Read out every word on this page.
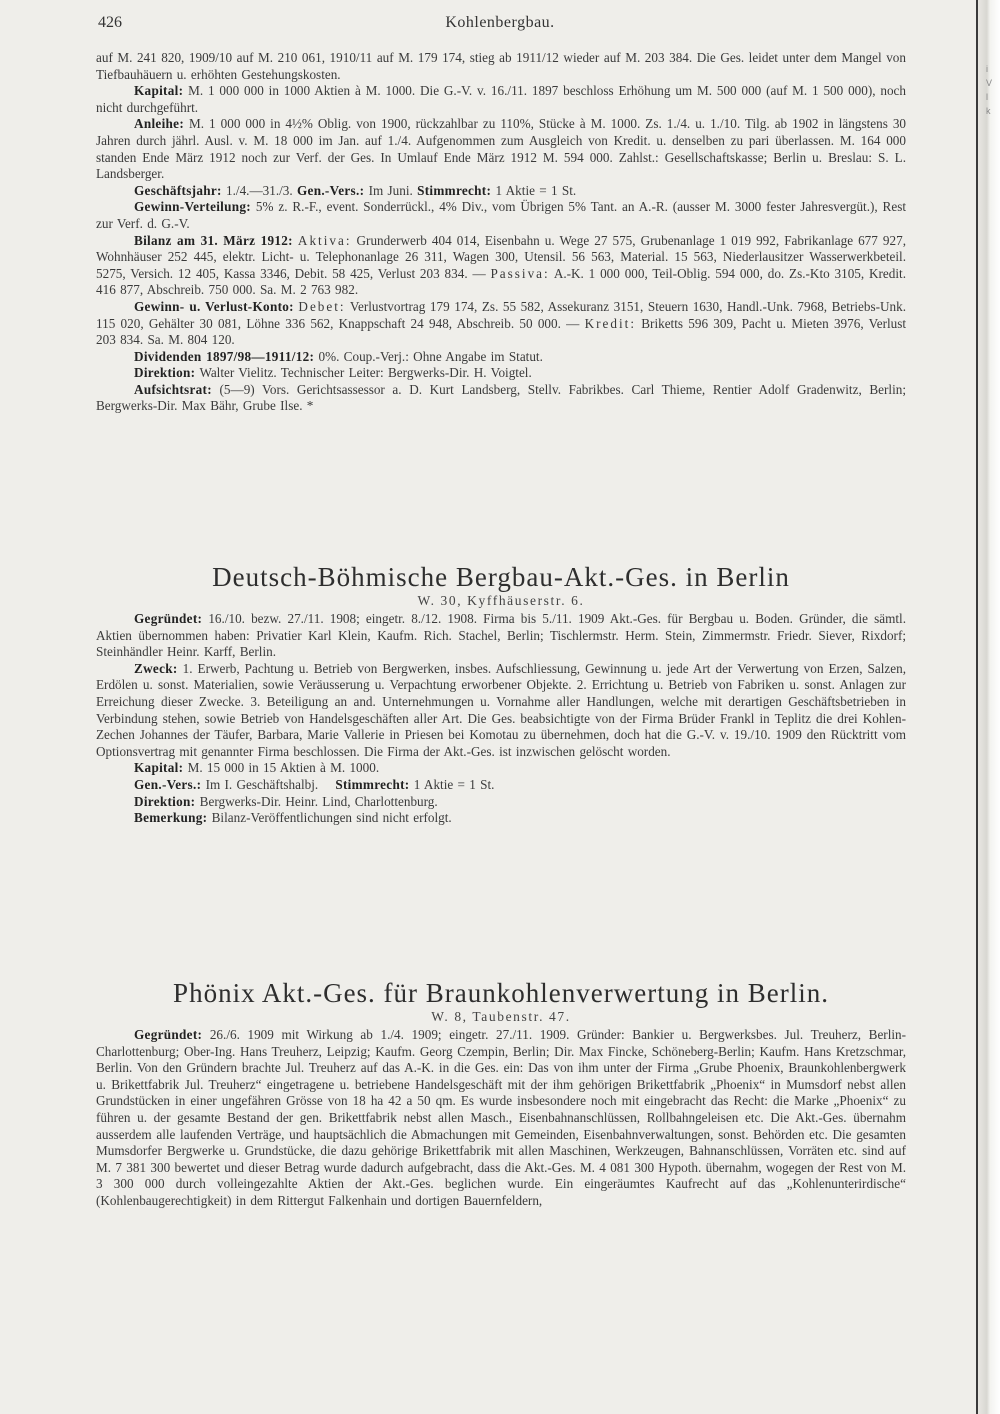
i
V
l
k
426	Kohlenbergbau.

auf M. 241 820, 1909/10 auf M. 210 061, 1910/11 auf M. 179 174, stieg ab 1911/12 wieder auf M. 203 384. Die Ges. leidet unter dem Mangel von Tiefbauhäuern u. erhöhten Gestehungskosten.

Kapital: M. 1 000 000 in 1000 Aktien à M. 1000. Die G.-V. v. 16./11. 1897 beschloss Erhöhung um M. 500 000 (auf M. 1 500 000), noch nicht durchgeführt.

Anleihe: M. 1 000 000 in 4½% Oblig. von 1900, rückzahlbar zu 110%, Stücke à M. 1000. Zs. 1./4. u. 1./10. Tilg. ab 1902 in längstens 30 Jahren durch jährl. Ausl. v. M. 18 000 im Jan. auf 1./4. Aufgenommen zum Ausgleich von Kredit. u. denselben zu pari überlassen. M. 164 000 standen Ende März 1912 noch zur Verf. der Ges. In Umlauf Ende März 1912 M. 594 000. Zahlst.: Gesellschaftskasse; Berlin u. Breslau: S. L. Landsberger.

Geschäftsjahr: 1./4.—31./3. Gen.-Vers.: Im Juni. Stimmrecht: 1 Aktie = 1 St.

Gewinn-Verteilung: 5% z. R.-F., event. Sonderrückl., 4% Div., vom Übrigen 5% Tant. an A.-R. (ausser M. 3000 fester Jahresvergüt.), Rest zur Verf. d. G.-V.

Bilanz am 31. März 1912: Aktiva: Grunderwerb 404 014, Eisenbahn u. Wege 27 575, Grubenanlage 1 019 992, Fabrikanlage 677 927, Wohnhäuser 252 445, elektr. Licht- u. Telephonanlage 26 311, Wagen 300, Utensil. 56 563, Material. 15 563, Niederlausitzer Wasserwerkbeteil. 5275, Versich. 12 405, Kassa 3346, Debit. 58 425, Verlust 203 834. — Passiva: A.-K. 1 000 000, Teil-Oblig. 594 000, do. Zs.-Kto 3105, Kredit. 416 877, Abschreib. 750 000. Sa. M. 2 763 982.

Gewinn- u. Verlust-Konto: Debet: Verlustvortrag 179 174, Zs. 55 582, Assekuranz 3151, Steuern 1630, Handl.-Unk. 7968, Betriebs-Unk. 115 020, Gehälter 30 081, Löhne 336 562, Knappschaft 24 948, Abschreib. 50 000. — Kredit: Briketts 596 309, Pacht u. Mieten 3976, Verlust 203 834. Sa. M. 804 120.

Dividenden 1897/98—1911/12: 0%. Coup.-Verj.: Ohne Angabe im Statut.

Direktion: Walter Vielitz. Technischer Leiter: Bergwerks-Dir. H. Voigtel.

Aufsichtsrat: (5—9) Vors. Gerichtsassessor a. D. Kurt Landsberg, Stellv. Fabrikbes. Carl Thieme, Rentier Adolf Gradenwitz, Berlin; Bergwerks-Dir. Max Bähr, Grube Ilse. *

Deutsch-Böhmische Bergbau-Akt.-Ges. in Berlin

W. 30, Kyffhäuserstr. 6.

Gegründet: 16./10. bezw. 27./11. 1908; eingetr. 8./12. 1908. Firma bis 5./11. 1909 Akt.-Ges. für Bergbau u. Boden. Gründer, die sämtl. Aktien übernommen haben: Privatier Karl Klein, Kaufm. Rich. Stachel, Berlin; Tischlermstr. Herm. Stein, Zimmermstr. Friedr. Siever, Rixdorf; Steinhändler Heinr. Karff, Berlin.

Zweck: 1. Erwerb, Pachtung u. Betrieb von Bergwerken, insbes. Aufschliessung, Gewinnung u. jede Art der Verwertung von Erzen, Salzen, Erdölen u. sonst. Materialien, sowie Veräusserung u. Verpachtung erworbener Objekte. 2. Errichtung u. Betrieb von Fabriken u. sonst. Anlagen zur Erreichung dieser Zwecke. 3. Beteiligung an and. Unternehmungen u. Vornahme aller Handlungen, welche mit derartigen Geschäftsbetrieben in Verbindung stehen, sowie Betrieb von Handelsgeschäften aller Art. Die Ges. beabsichtigte von der Firma Brüder Frankl in Teplitz die drei Kohlen-Zechen Johannes der Täufer, Barbara, Marie Vallerie in Priesen bei Komotau zu übernehmen, doch hat die G.-V. v. 19./10. 1909 den Rücktritt vom Optionsvertrag mit genannter Firma beschlossen. Die Firma der Akt.-Ges. ist inzwischen gelöscht worden.

Kapital: M. 15 000 in 15 Aktien à M. 1000.

Gen.-Vers.: Im I. Geschäftshalbj. Stimmrecht: 1 Aktie = 1 St.

Direktion: Bergwerks-Dir. Heinr. Lind, Charlottenburg.

Bemerkung: Bilanz-Veröffentlichungen sind nicht erfolgt.

Phönix Akt.-Ges. für Braunkohlenverwertung in Berlin.

W. 8, Taubenstr. 47.

Gegründet: 26./6. 1909 mit Wirkung ab 1./4. 1909; eingetr. 27./11. 1909. Gründer: Bankier u. Bergwerksbes. Jul. Treuherz, Berlin-Charlottenburg; Ober-Ing. Hans Treuherz, Leipzig; Kaufm. Georg Czempin, Berlin; Dir. Max Fincke, Schöneberg-Berlin; Kaufm. Hans Kretzschmar, Berlin. Von den Gründern brachte Jul. Treuherz auf das A.-K. in die Ges. ein: Das von ihm unter der Firma „Grube Phoenix, Braunkohlenbergwerk u. Brikettfabrik Jul. Treuherz“ eingetragene u. betriebene Handelsgeschäft mit der ihm gehörigen Brikettfabrik „Phoenix“ in Mumsdorf nebst allen Grundstücken in einer ungefähren Grösse von 18 ha 42 a 50 qm. Es wurde insbesondere noch mit eingebracht das Recht: die Marke „Phoenix“ zu führen u. der gesamte Bestand der gen. Brikettfabrik nebst allen Masch., Eisenbahnanschlüssen, Rollbahngeleisen etc. Die Akt.-Ges. übernahm ausserdem alle laufenden Verträge, und hauptsächlich die Abmachungen mit Gemeinden, Eisenbahnverwaltungen, sonst. Behörden etc. Die gesamten Mumsdorfer Bergwerke u. Grundstücke, die dazu gehörige Brikettfabrik mit allen Maschinen, Werkzeugen, Bahnanschlüssen, Vorräten etc. sind auf M. 7 381 300 bewertet und dieser Betrag wurde dadurch aufgebracht, dass die Akt.-Ges. M. 4 081 300 Hypoth. übernahm, wogegen der Rest von M. 3 300 000 durch volleingezahlte Aktien der Akt.-Ges. beglichen wurde. Ein eingeräumtes Kaufrecht auf das „Kohlenunterirdische“ (Kohlenbaugerechtigkeit) in dem Rittergut Falkenhain und dortigen Bauernfeldern,
